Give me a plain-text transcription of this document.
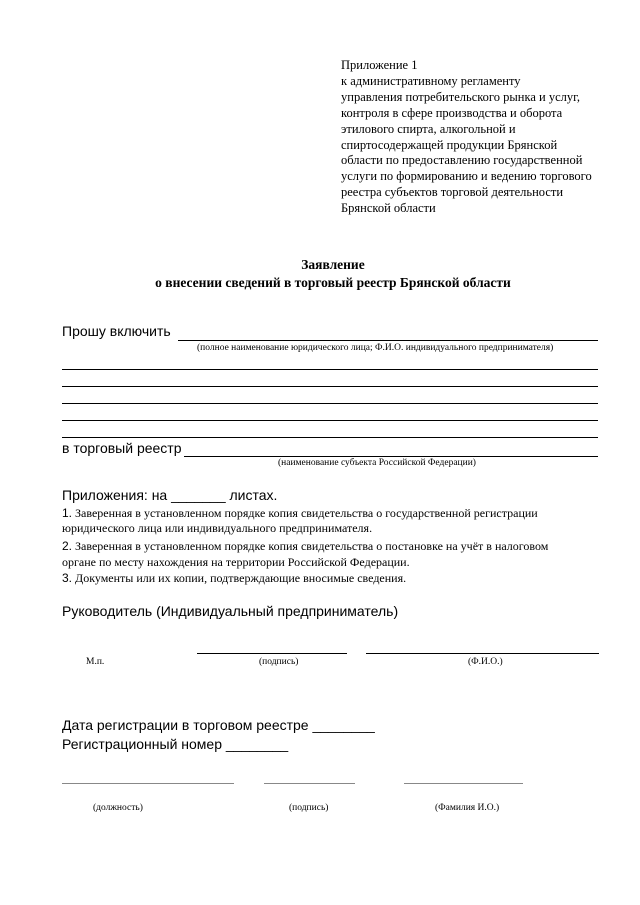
Приложение 1
к административному регламенту
управления потребительского рынка и услуг,
контроля в сфере производства и оборота
этилового спирта, алкогольной и
спиртосодержащей продукции Брянской
области по предоставлению государственной
услуги по формированию и ведению торгового
реестра субъектов торговой деятельности
Брянской области
Заявление
о внесении сведений в торговый реестр Брянской области
Прошу включить
(полное наименование юридического лица; Ф.И.О. индивидуального предпринимателя)
в торговый реестр
(наименование субъекта Российской Федерации)
Приложения: на _______ листах.
1. Заверенная в установленном порядке копия свидетельства о государственной регистрации
юридического лица или индивидуального предпринимателя.
2. Заверенная в установленном порядке копия свидетельства о постановке на учёт в налоговом
органе по месту нахождения на территории Российской Федерации.
3. Документы или их копии, подтверждающие вносимые сведения.
Руководитель (Индивидуальный предприниматель)
М.п.	(подпись)	(Ф.И.О.)
Дата регистрации в торговом реестре ________
Регистрационный номер ________
(должность)	(подпись)	(Фамилия И.О.)
